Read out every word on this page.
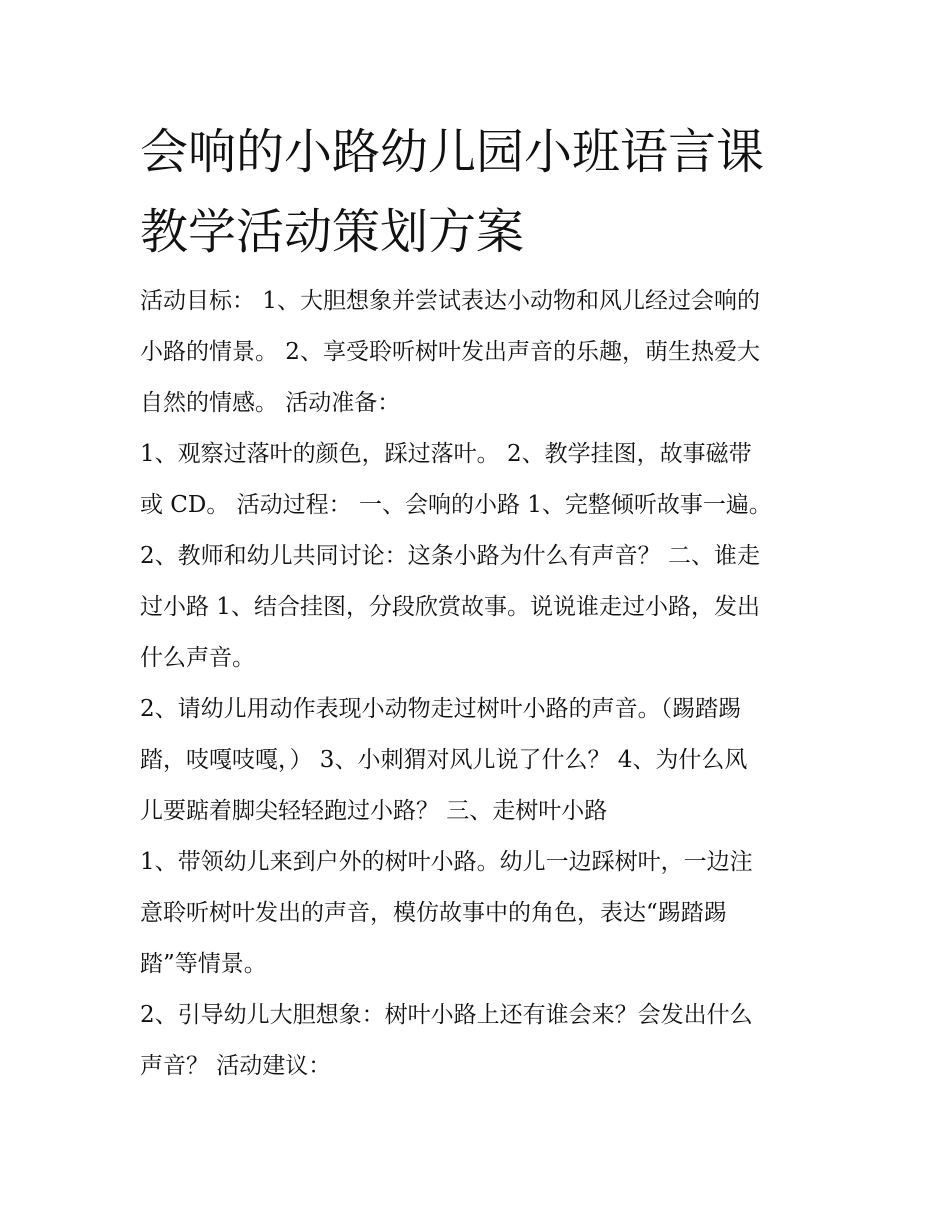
会响的小路幼儿园小班语言课
教学活动策划方案
活动目标： 1、大胆想象并尝试表达小动物和风儿经过会响的
小路的情景。 2、享受聆听树叶发出声音的乐趣，萌生热爱大
自然的情感。 活动准备：
1、观察过落叶的颜色，踩过落叶。 2、教学挂图，故事磁带
或 CD。 活动过程： 一、会响的小路 1、完整倾听故事一遍。
2、教师和幼儿共同讨论：这条小路为什么有声音？ 二、谁走
过小路 1、结合挂图，分段欣赏故事。说说谁走过小路，发出
什么声音。
2、请幼儿用动作表现小动物走过树叶小路的声音。（踢踏踢
踏，吱嘎吱嘎，） 3、小刺猬对风儿说了什么？ 4、为什么风
儿要踮着脚尖轻轻跑过小路？ 三、走树叶小路
1、带领幼儿来到户外的树叶小路。幼儿一边踩树叶，一边注
意聆听树叶发出的声音，模仿故事中的角色，表达“踢踏踢
踏”等情景。
2、引导幼儿大胆想象：树叶小路上还有谁会来？会发出什么
声音？ 活动建议：
